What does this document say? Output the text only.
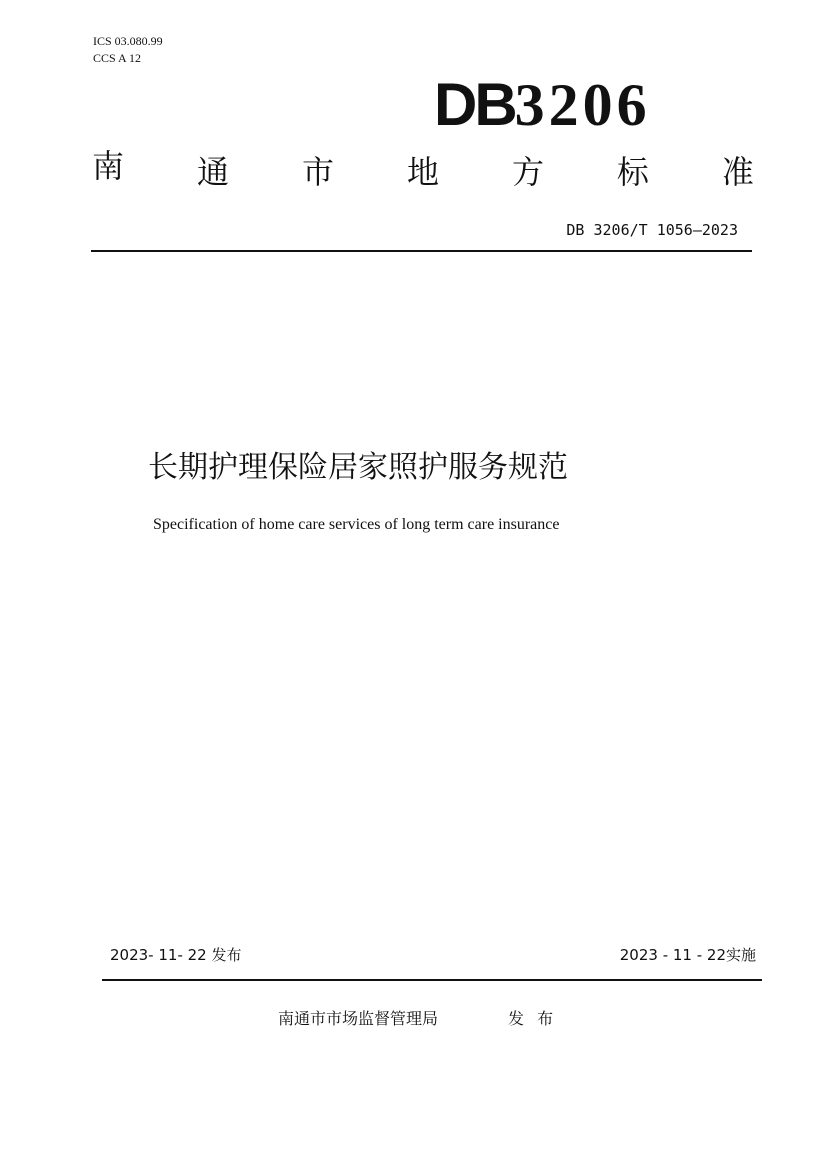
ICS 03.080.99
CCS A 12
DB3206
南 通 市 地 方 标 准
DB 3206/T 1056—2023
长期护理保险居家照护服务规范
Specification of home care services of long term care insurance
2023- 11- 22 发布	2023 - 11 - 22实施
南通市市场监督管理局	发 布
